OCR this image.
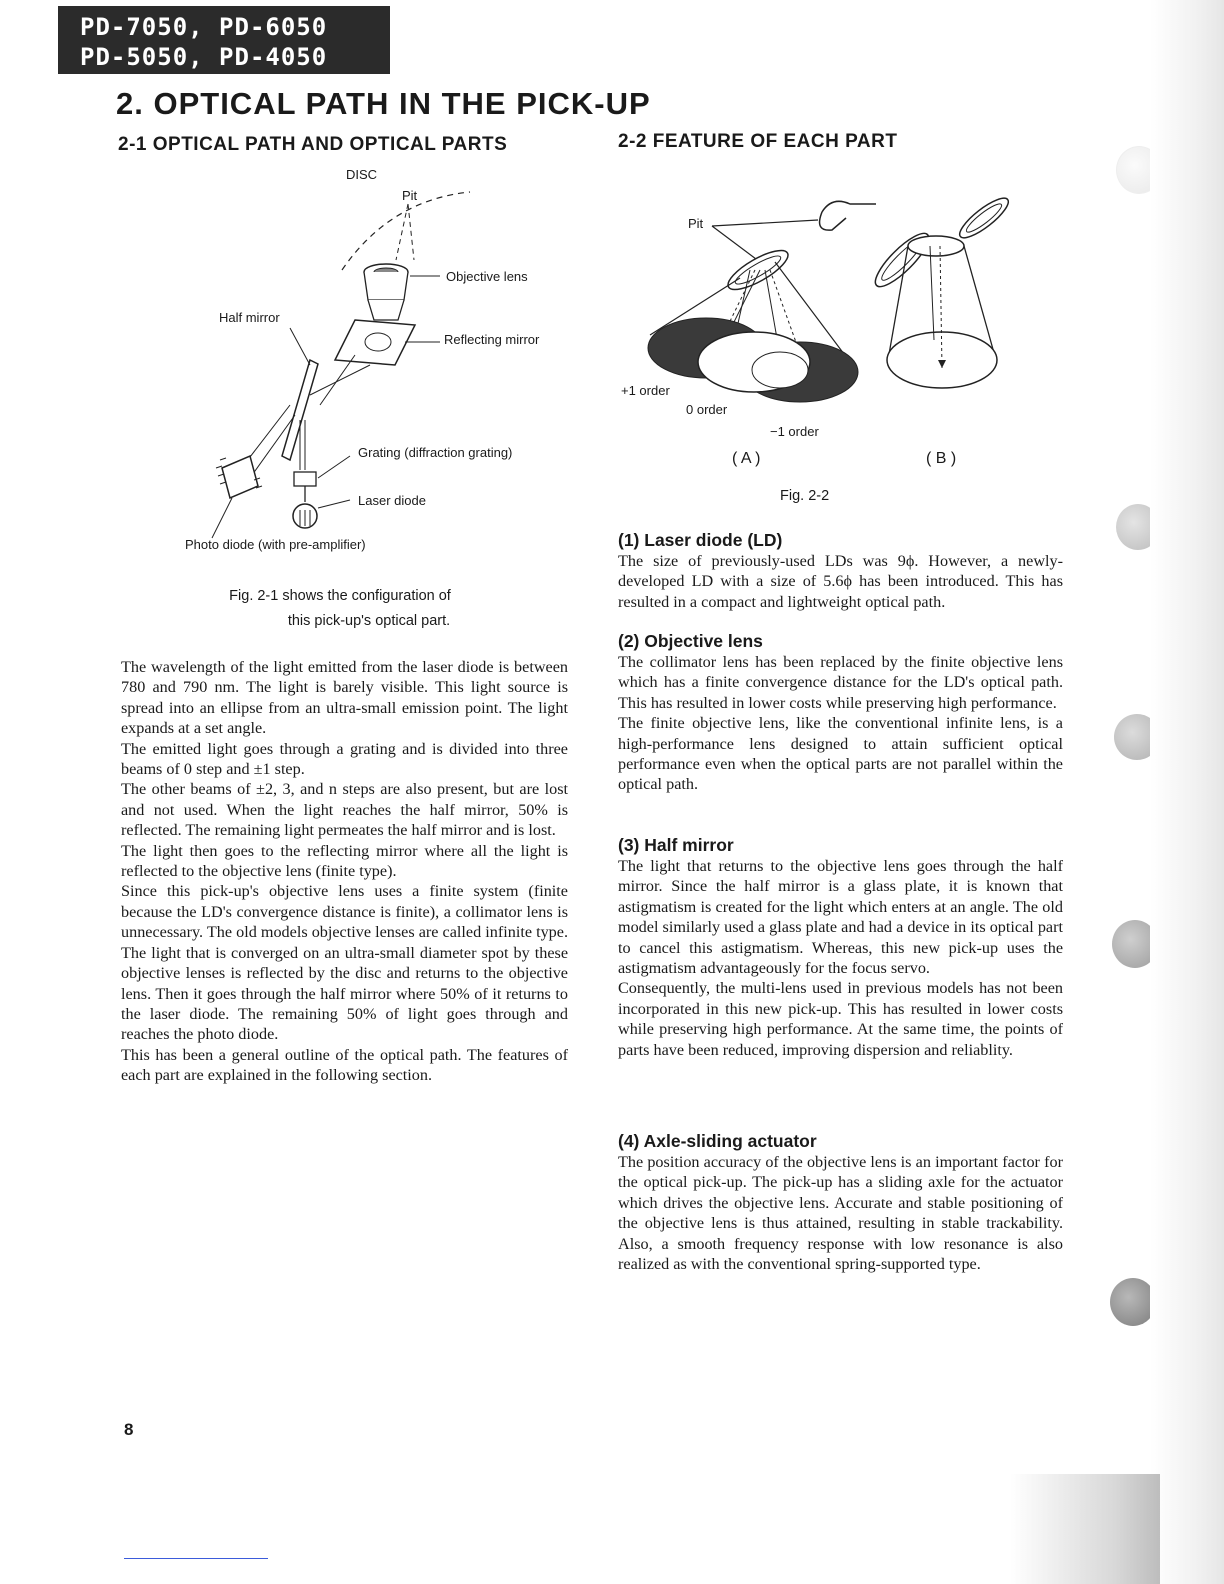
PD-7050, PD-6050
PD-5050, PD-4050
2. OPTICAL PATH IN THE PICK-UP
2-1 OPTICAL PATH AND OPTICAL PARTS	2-2 FEATURE OF EACH PART
DISC
Pit
Objective lens
Half mirror
Reflecting mirror
Grating (diffraction grating)
Laser diode
Photo diode (with pre-amplifier)
Fig. 2-1 shows the configuration of
this pick-up's optical part.

The wavelength of the light emitted from the laser diode is between 780 and 790 nm. The light is barely visible. This light source is spread into an ellipse from an ultra-small emission point. The light expands at a set angle.

The emitted light goes through a grating and is divided into three beams of 0 step and ±1 step.

The other beams of ±2, 3, and n steps are also present, but are lost and not used. When the light reaches the half mirror, 50% is reflected. The remaining light permeates the half mirror and is lost.

The light then goes to the reflecting mirror where all the light is reflected to the objective lens (finite type).

Since this pick-up's objective lens uses a finite system (finite because the LD's convergence distance is finite), a collimator lens is unnecessary. The old models objective lenses are called infinite type. The light that is converged on an ultra-small diameter spot by these objective lenses is reflected by the disc and returns to the objective lens. Then it goes through the half mirror where 50% of it returns to the laser diode. The remaining 50% of light goes through and reaches the photo diode.

This has been a general outline of the optical path. The features of each part are explained in the following section.

Pit
+1 order
0 order
−1 order
( A )	( B )
Fig. 2-2

(1) Laser diode (LD)

The size of previously-used LDs was 9ϕ. However, a newly-developed LD with a size of 5.6ϕ has been introduced. This has resulted in a compact and lightweight optical path.

(2) Objective lens

The collimator lens has been replaced by the finite objective lens which has a finite convergence distance for the LD's optical path. This has resulted in lower costs while preserving high performance.

The finite objective lens, like the conventional infinite lens, is a high-performance lens designed to attain sufficient optical performance even when the optical parts are not parallel within the optical path.

(3) Half mirror

The light that returns to the objective lens goes through the half mirror. Since the half mirror is a glass plate, it is known that astigmatism is created for the light which enters at an angle. The old model similarly used a glass plate and had a device in its optical part to cancel this astigmatism. Whereas, this new pick-up uses the astigmatism advantageously for the focus servo.

Consequently, the multi-lens used in previous models has not been incorporated in this new pick-up. This has resulted in lower costs while preserving high performance. At the same time, the points of parts have been reduced, improving dispersion and reliablity.

(4) Axle-sliding actuator

The position accuracy of the objective lens is an important factor for the optical pick-up. The pick-up has a sliding axle for the actuator which drives the objective lens. Accurate and stable positioning of the objective lens is thus attained, resulting in stable trackability. Also, a smooth frequency response with low resonance is also realized as with the conventional spring-supported type.

8
